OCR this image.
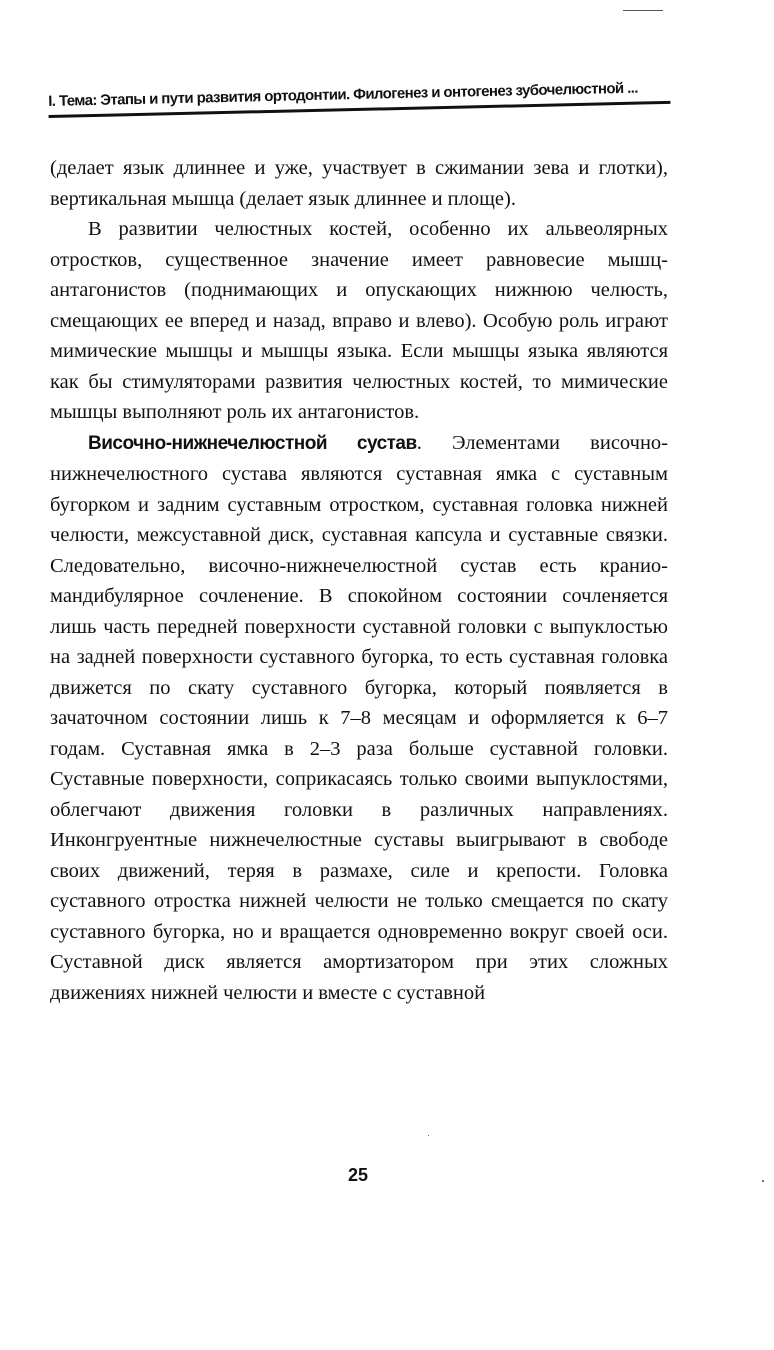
I. Тема: Этапы и пути развития ортодонтии. Филогенез и онтогенез зубочелюстной ...

(делает язык длиннее и уже, участвует в сжимании зева и глотки), вертикальная мышца (делает язык длиннее и площе).

В развитии челюстных костей, особенно их альвеолярных отростков, существенное значение имеет равновесие мышц-антагонистов (поднимающих и опускающих нижнюю челюсть, смещающих ее вперед и назад, вправо и влево). Особую роль играют мимические мышцы и мышцы языка. Если мышцы языка являются как бы стимуляторами развития челюстных костей, то мимические мышцы выполняют роль их антагонистов.

Височно-нижнечелюстной сустав. Элементами височно-нижнечелюстного сустава являются суставная ямка с суставным бугорком и задним суставным отростком, суставная головка нижней челюсти, межсуставной диск, суставная капсула и суставные связки. Следовательно, височно-нижнечелюстной сустав есть кранио-мандибулярное сочленение. В спокойном состоянии сочленяется лишь часть передней поверхности суставной головки с выпуклостью на задней поверхности суставного бугорка, то есть суставная головка движется по скату суставного бугорка, который появляется в зачаточном состоянии лишь к 7–8 месяцам и оформляется к 6–7 годам. Суставная ямка в 2–3 раза больше суставной головки. Суставные поверхности, соприкасаясь только своими выпуклостями, облегчают движения головки в различных направлениях. Инконгруентные нижнечелюстные суставы выигрывают в свободе своих движений, теряя в размахе, силе и крепости. Головка суставного отростка нижней челюсти не только смещается по скату суставного бугорка, но и вращается одновременно вокруг своей оси. Суставной диск является амортизатором при этих сложных движениях нижней челюсти и вместе с суставной

25
